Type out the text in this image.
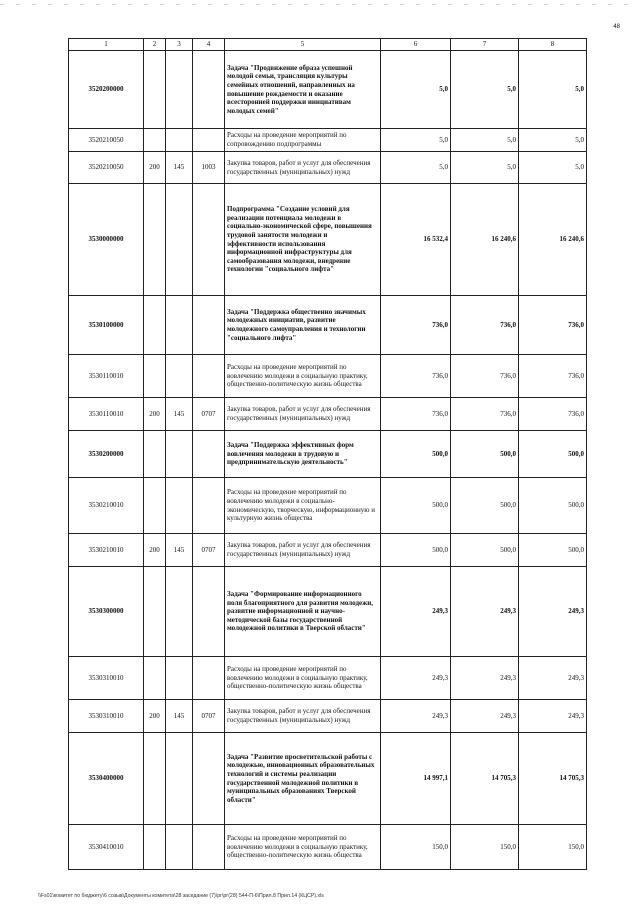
48
1	2	3	4	5	6	7	8
3520200000				Задача "Продвижение образа успешной молодой семьи, трансляция культуры семейных отношений, направленных на повышение рождаемости и оказание всесторонней поддержки инициативам молодых семей"	5,0	5,0	5,0
3520210050				Расходы на проведение мероприятий по сопровождению подпрограммы	5,0	5,0	5,0
3520210050	200	145	1003	Закупка товаров, работ и услуг для обеспечения государственных (муниципальных) нужд	5,0	5,0	5,0
3530000000				Подпрограмма "Создание условий для реализации потенциала молодежи в социально-экономической сфере, повышения трудовой занятости молодежи и эффективности использования информационной инфраструктуры для самообразования молодежи, внедрение технологии "социального лифта"	16 532,4	16 240,6	16 240,6
3530100000				Задача "Поддержка общественно значимых молодежных инициатив, развитие молодежного самоуправления и технологии "социального лифта"	736,0	736,0	736,0
3530110010				Расходы на проведение мероприятий по вовлечению молодежи в социальную практику, общественно-политическую жизнь общества	736,0	736,0	736,0
3530110010	200	145	0707	Закупка товаров, работ и услуг для обеспечения государственных (муниципальных) нужд	736,0	736,0	736,0
3530200000				Задача "Поддержка эффективных форм вовлечения молодежи в трудовую и предпринимательскую деятельность"	500,0	500,0	500,0
3530210010				Расходы на проведение мероприятий по вовлечению молодежи в социально-экономическую, творческую, информационную и культурную жизнь общества	500,0	500,0	500,0
3530210010	200	145	0707	Закупка товаров, работ и услуг для обеспечения государственных (муниципальных) нужд	500,0	500,0	500,0
3530300000				Задача "Формирование информационного поля благоприятного для развития молодежи, развитие информационной и научно-методической базы государственной молодежной политики в Тверской области"	249,3	249,3	249,3
3530310010				Расходы на проведение мероприятий по вовлечению молодежи в социальную практику, общественно-политическую жизнь общества	249,3	249,3	249,3
3530310010	200	145	0707	Закупка товаров, работ и услуг для обеспечения государственных (муниципальных) нужд	249,3	249,3	249,3
3530400000				Задача "Развитие просветительской работы с молодежью, инновационных образовательных технологий и системы реализации государственной молодежной политики в муниципальных образованиях Тверской области"	14 997,1	14 705,3	14 705,3
3530410010				Расходы на проведение мероприятий по вовлечению молодежи в социальную практику, общественно-политическую жизнь общества	150,0	150,0	150,0
\\Fs01\комитет по бюджету\6 созыв\Документы комитета\28 заседание (7)\рг\рг(28) 544-П-6\Прил.8 Прил.14 (КЦСР).xls
